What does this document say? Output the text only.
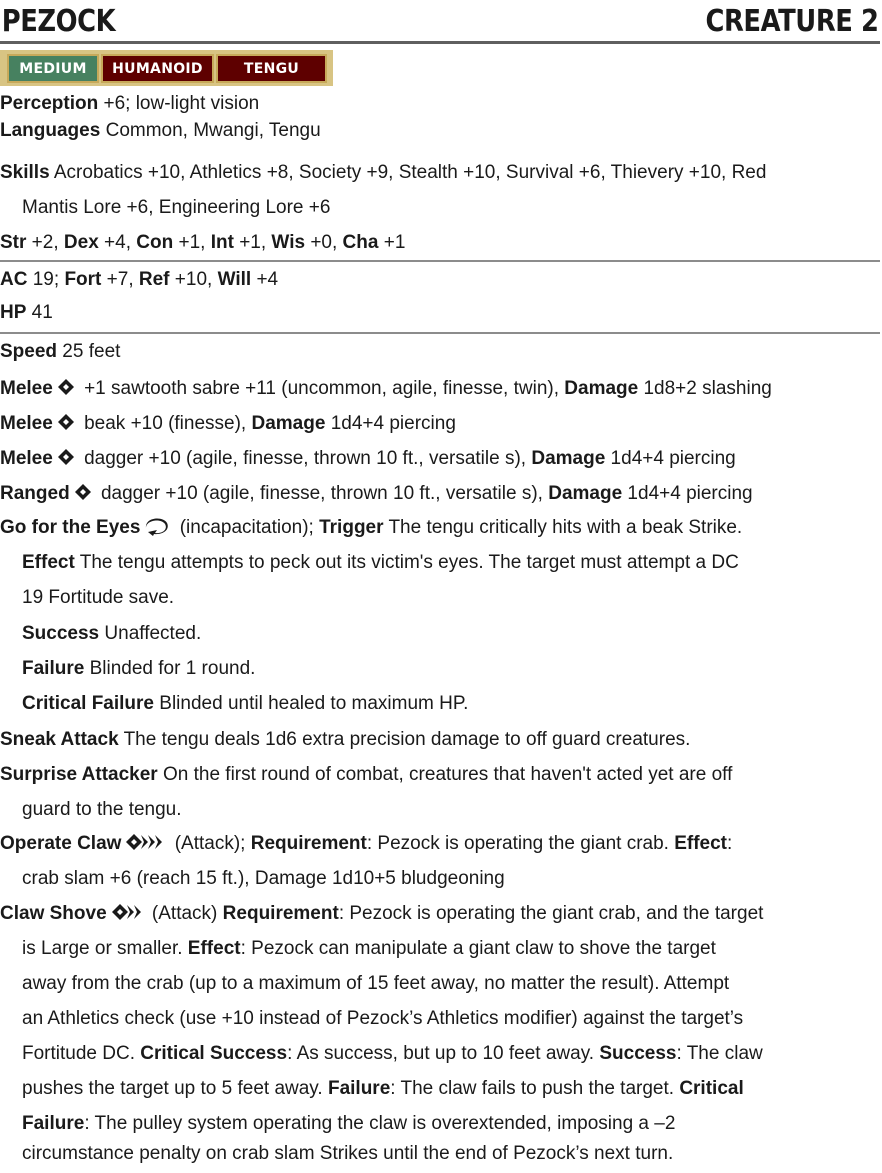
PEZOCK	CREATURE 2
MEDIUM	HUMANOID	TENGU
Perception +6; low-light vision
Languages Common, Mwangi, Tengu
Skills Acrobatics +10, Athletics +8, Society +9, Stealth +10, Survival +6, Thievery +10, Red
Mantis Lore +6, Engineering Lore +6
Str +2, Dex +4, Con +1, Int +1, Wis +0, Cha +1
AC 19; Fort +7, Ref +10, Will +4
HP 41
Speed 25 feet
Melee +1 sawtooth sabre +11 (uncommon, agile, finesse, twin), Damage 1d8+2 slashing
Melee beak +10 (finesse), Damage 1d4+4 piercing
Melee dagger +10 (agile, finesse, thrown 10 ft., versatile s), Damage 1d4+4 piercing
Ranged dagger +10 (agile, finesse, thrown 10 ft., versatile s), Damage 1d4+4 piercing
Go for the Eyes (incapacitation); Trigger The tengu critically hits with a beak Strike.
Effect The tengu attempts to peck out its victim's eyes. The target must attempt a DC
19 Fortitude save.
Success Unaffected.
Failure Blinded for 1 round.
Critical Failure Blinded until healed to maximum HP.
Sneak Attack The tengu deals 1d6 extra precision damage to off guard creatures.
Surprise Attacker On the first round of combat, creatures that haven't acted yet are off
guard to the tengu.
Operate Claw	(Attack); Requirement: Pezock is operating the giant crab. Effect:
crab slam +6 (reach 15 ft.), Damage 1d10+5 bludgeoning
Claw Shove (Attack) Requirement: Pezock is operating the giant crab, and the target
is Large or smaller. Effect: Pezock can manipulate a giant claw to shove the target
away from the crab (up to a maximum of 15 feet away, no matter the result). Attempt
an Athletics check (use +10 instead of Pezock’s Athletics modifier) against the target’s
Fortitude DC. Critical Success: As success, but up to 10 feet away. Success: The claw
pushes the target up to 5 feet away. Failure: The claw fails to push the target. Critical
Failure: The pulley system operating the claw is overextended, imposing a –2
circumstance penalty on crab slam Strikes until the end of Pezock’s next turn.
